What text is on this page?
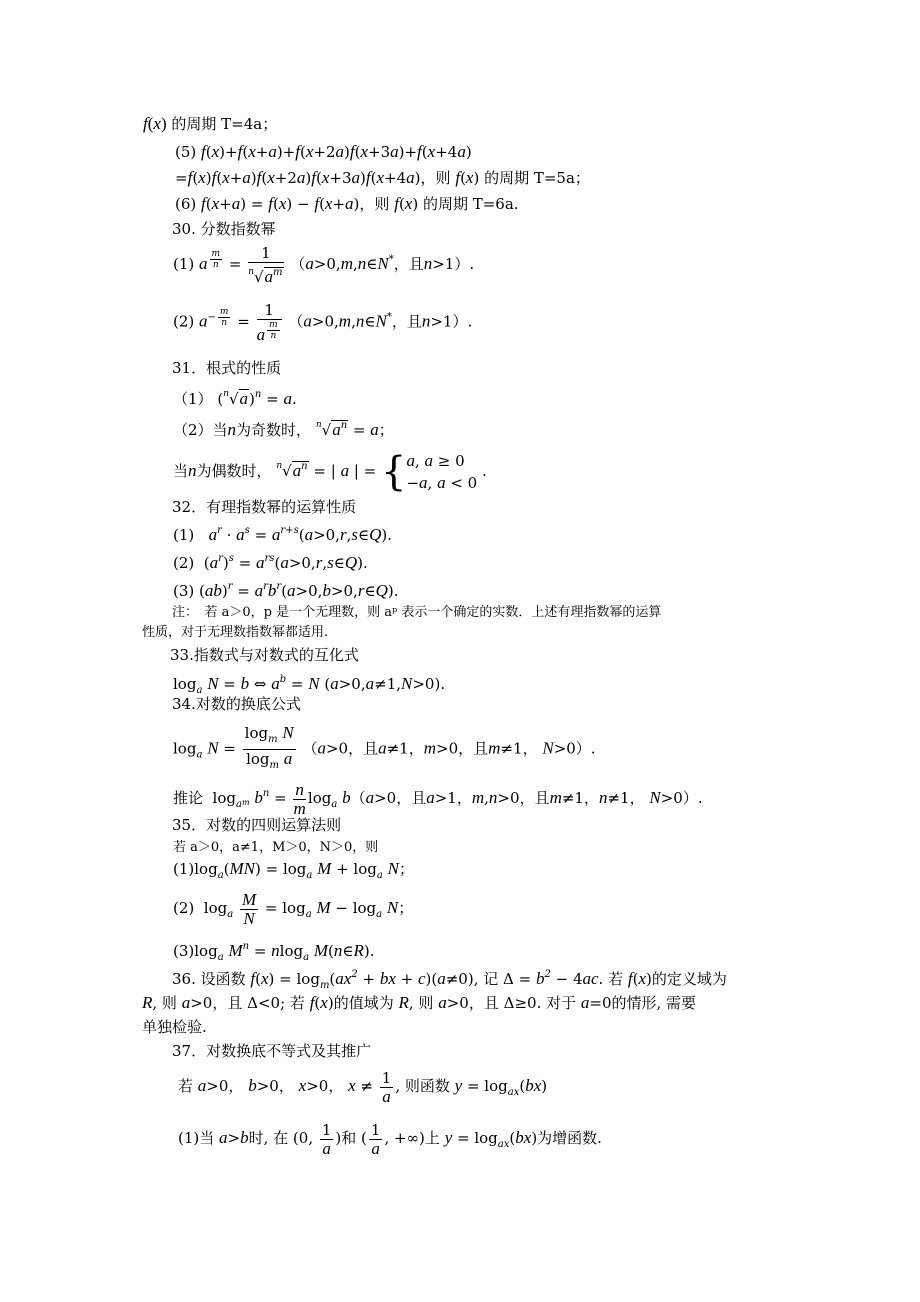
f(x) 的周期 T=4a；
(5) f(x)+f(x+a)+f(x+2a)f(x+3a)+f(x+4a)
=f(x)f(x+a)f(x+2a)f(x+3a)f(x+4a)，则 f(x) 的周期 T=5a；
(6) f(x+a) = f(x) − f(x+a)，则 f(x) 的周期 T=6a.
30. 分数指数幂
(1) a $^{\frac{m}{n}} = \frac{1}{^n√a^m}$ （a>0,m,n∈N*，且n>1）.
(2) $a^{- \frac{m}{n}} = 1$
a $^{\frac{m}{n}}$ （a>0,m,n∈N*，且n>1）.
31．根式的性质
（1） $(^n√a)^n = a$.
（2）当n为奇数时， $^n√a^n = a$；
当n为偶数时， $^n√a^n$ = | a | = { a, a ≥ 0
−a, a < 0
.
32．有理指数幂的运算性质
(1) $a^r \cdot a^s$ = $a^{r+s}(a>0,r,s\in Q)$.
(2)  $(a^r)^s$ = $a^{rs}(a>0,r,s\in Q)$.
(3) $(ab)^r = a^rb^r(a>0,b>0,r\in Q)$.
注：　若 a＞0，p 是一个无理数，则 aᵖ 表示一个确定的实数．上述有理指数幂的运算
性质，对于无理数指数幂都适用.
33.指数式与对数式的互化式
$\log_a N = b$ ⇔ $a^b = N$ (a>0,a≠1,N>0).
34.对数的换底公式
$\log_a N = \frac{\log_m N}{\log_m a} (a>0$，且a≠1，m>0，且m≠1， N>0）.
推论  $\log_{a^m} b^n = \frac{n}{m} \log_a b(a>0$，且a>1，m,n>0，且m≠1，n≠1， N>0）.
35．对数的四则运算法则
若 a＞0，a≠1，M＞0，N＞0，则
$(1)\log_a(MN) = \log_a M + \log_a N$；
(2)  $\log_a \frac{M}{N} = \log_a M - \log_a N$；
$(3)\log_a$ $M^n = nlog_a$ M(n∈R).
36. 设函数 $f(x) = \log_m(ax^2$ + bx + c)(a≠0), 记 $\Delta = b^2 - 4ac$. 若 f(x)的定义域为
R, 则 a>0，且 Δ<0; 若 f(x)的值域为 R, 则 a>0，且 Δ≥0. 对于 a=0的情形, 需要
单独检验.
37．对数换底不等式及其推广
若 a>0， b>0， x>0， $x \ne \frac{1}{a}$ , 则函数 $y = \log_{ax}(bx)$
(1)当 a>b时, 在 (0, $\frac{1}{a}$ )和 ( $\frac{1}{a}$ , +∞)上 $y = \log_{ax}(bx)$为增函数.
